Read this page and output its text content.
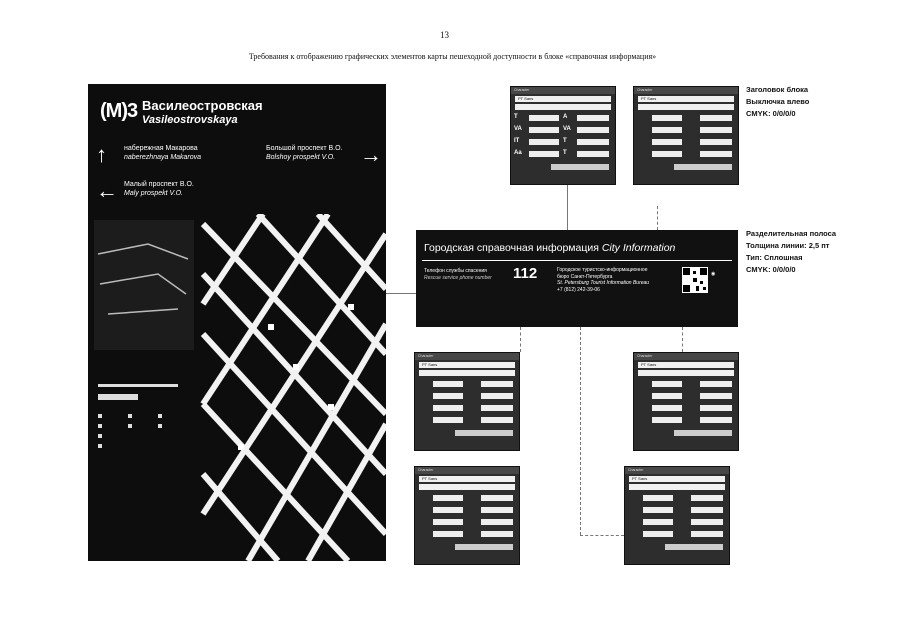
13
Требования к отображению графических элементов карты пешеходной доступности в блоке «справочная информация»
(М)3 Василеостровская
Vasileostrovskaya
↑ набережная Макарова
naberezhnaya Makarova
Большой проспект В.О.
Bolshoy prospekt V.O.	→
← Малый проспект В.О.
Maly prospekt V.O.
Городская справочная информация City Information
Телефон службы спасения
Rescue service phone number 112	Городское туристско-информационное
бюро Санкт-Петербурга
St. Petersburg Tourist Information Bureau
+7 (812) 242-39-06
◉
Заголовок блока
Выключка влево
CMYK: 0/0/0/0
Разделительная полоса
Толщина линии: 2,5 пт
Тип: Сплошная
CMYK: 0/0/0/0
Character
PT Sans
T	A
VA	VA
IT	T
Aa	T
Character
PT Sans
Character
PT Sans
Character
PT Sans
Character
PT Sans
Character
PT Sans
